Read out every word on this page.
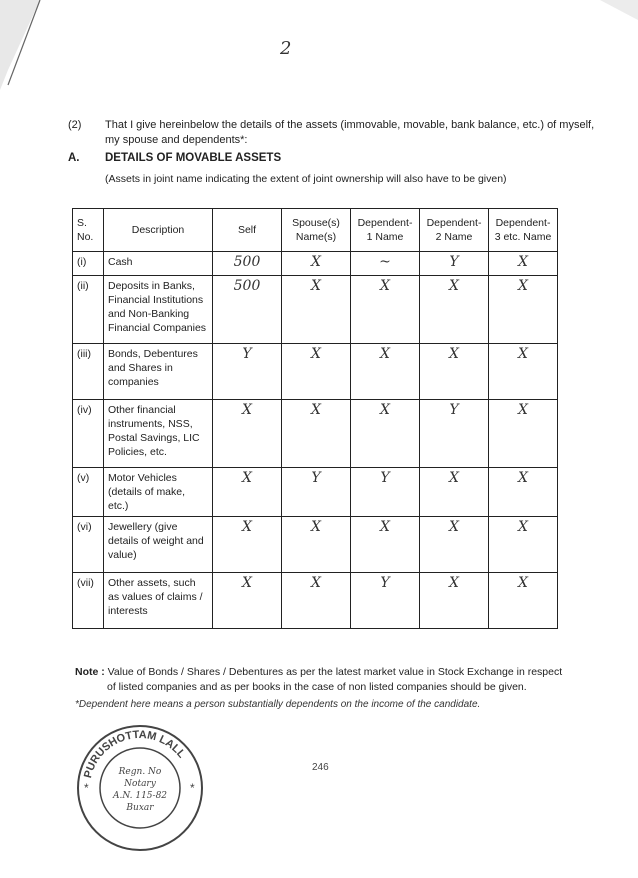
2
(2) That I give hereinbelow the details of the assets (immovable, movable, bank balance, etc.) of myself, my spouse and dependents*:
A. DETAILS OF MOVABLE ASSETS
(Assets in joint name indicating the extent of joint ownership will also have to be given)
S. No.	Description	Self	Spouse(s) Name(s)	Dependent-1 Name	Dependent-2 Name	Dependent-3 etc. Name
(i)	Cash	500	X	~	Y	X
(ii)	Deposits in Banks, Financial Institutions and Non-Banking Financial Companies	500	X	X	X	X
(iii)	Bonds, Debentures and Shares in companies	Y	X	X	X	X
(iv)	Other financial instruments, NSS, Postal Savings, LIC Policies, etc.	X	X	X	Y	X
(v)	Motor Vehicles (details of make, etc.)	X	Y	Y	X	X
(vi)	Jewellery (give details of weight and value)	X	X	X	X	X
(vii)	Other assets, such as values of claims / interests	X	X	Y	X	X
Note : Value of Bonds / Shares / Debentures as per the latest market value in Stock Exchange in respect
of listed companies and as per books in the case of non listed companies should be given.
*Dependent here means a person substantially dependents on the income of the candidate.
PURUSHOTTAM LALL
Regn. No
Notary
A.N. 115-82
Buxar
*	*
246
